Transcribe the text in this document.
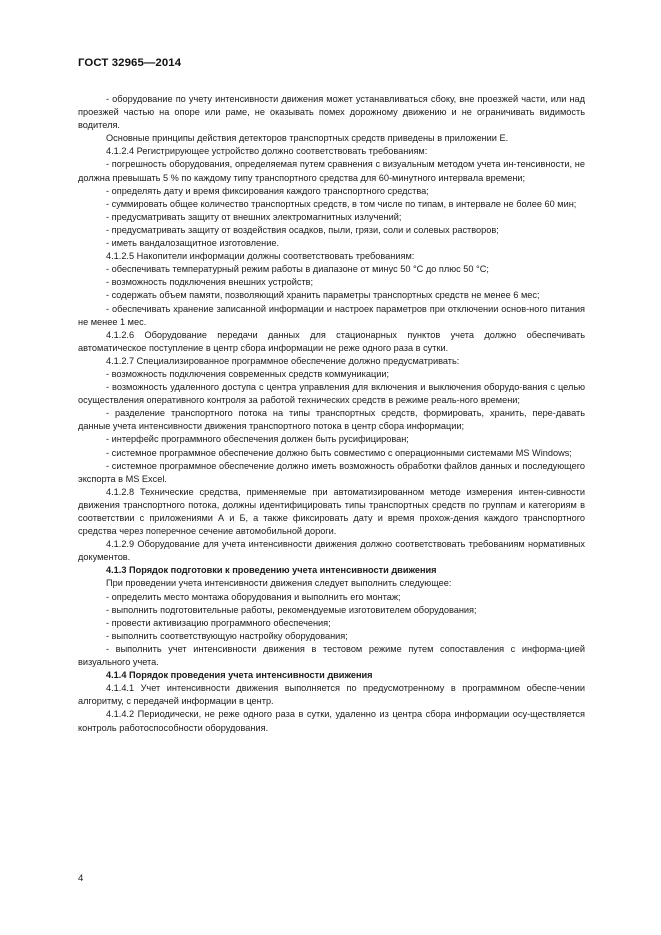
ГОСТ 32965—2014

- оборудование по учету интенсивности движения может устанавливаться сбоку, вне проезжей части, или над проезжей частью на опоре или раме, не оказывать помех дорожному движению и не ограничивать видимость водителя.

Основные принципы действия детекторов транспортных средств приведены в приложении Е.

4.1.2.4 Регистрирующее устройство должно соответствовать требованиям:

- погрешность оборудования, определяемая путем сравнения с визуальным методом учета ин-тенсивности, не должна превышать 5 % по каждому типу транспортного средства для 60-минутного интервала времени;

- определять дату и время фиксирования каждого транспортного средства;

- суммировать общее количество транспортных средств, в том числе по типам, в интервале не более 60 мин;

- предусматривать защиту от внешних электромагнитных излучений;

- предусматривать защиту от воздействия осадков, пыли, грязи, соли и солевых растворов;

- иметь вандалозащитное изготовление.

4.1.2.5 Накопители информации должны соответствовать требованиям:

- обеспечивать температурный режим работы в диапазоне от минус 50 °С до плюс 50 °С;

- возможность подключения внешних устройств;

- содержать объем памяти, позволяющий хранить параметры транспортных средств не менее 6 мес;

- обеспечивать хранение записанной информации и настроек параметров при отключении основ-ного питания не менее 1 мес.

4.1.2.6 Оборудование передачи данных для стационарных пунктов учета должно обеспечивать автоматическое поступление в центр сбора информации не реже одного раза в сутки.

4.1.2.7 Специализированное программное обеспечение должно предусматривать:

- возможность подключения современных средств коммуникации;

- возможность удаленного доступа с центра управления для включения и выключения оборудо-вания с целью осуществления оперативного контроля за работой технических средств в режиме реаль-ного времени;

- разделение транспортного потока на типы транспортных средств, формировать, хранить, пере-давать данные учета интенсивности движения транспортного потока в центр сбора информации;

- интерфейс программного обеспечения должен быть русифицирован;

- системное программное обеспечение должно быть совместимо с операционными системами MS Windows;

- системное программное обеспечение должно иметь возможность обработки файлов данных и последующего экспорта в MS Excel.

4.1.2.8 Технические средства, применяемые при автоматизированном методе измерения интен-сивности движения транспортного потока, должны идентифицировать типы транспортных средств по группам и категориям в соответствии с приложениями А и Б, а также фиксировать дату и время прохож-дения каждого транспортного средства через поперечное сечение автомобильной дороги.

4.1.2.9 Оборудование для учета интенсивности движения должно соответствовать требованиям нормативных документов.

4.1.3 Порядок подготовки к проведению учета интенсивности движения

При проведении учета интенсивности движения следует выполнить следующее:

- определить место монтажа оборудования и выполнить его монтаж;

- выполнить подготовительные работы, рекомендуемые изготовителем оборудования;

- провести активизацию программного обеспечения;

- выполнить соответствующую настройку оборудования;

- выполнить учет интенсивности движения в тестовом режиме путем сопоставления с информа-цией визуального учета.

4.1.4 Порядок проведения учета интенсивности движения

4.1.4.1 Учет интенсивности движения выполняется по предусмотренному в программном обеспе-чении алгоритму, с передачей информации в центр.

4.1.4.2 Периодически, не реже одного раза в сутки, удаленно из центра сбора информации осу-ществляется контроль работоспособности оборудования.

4
